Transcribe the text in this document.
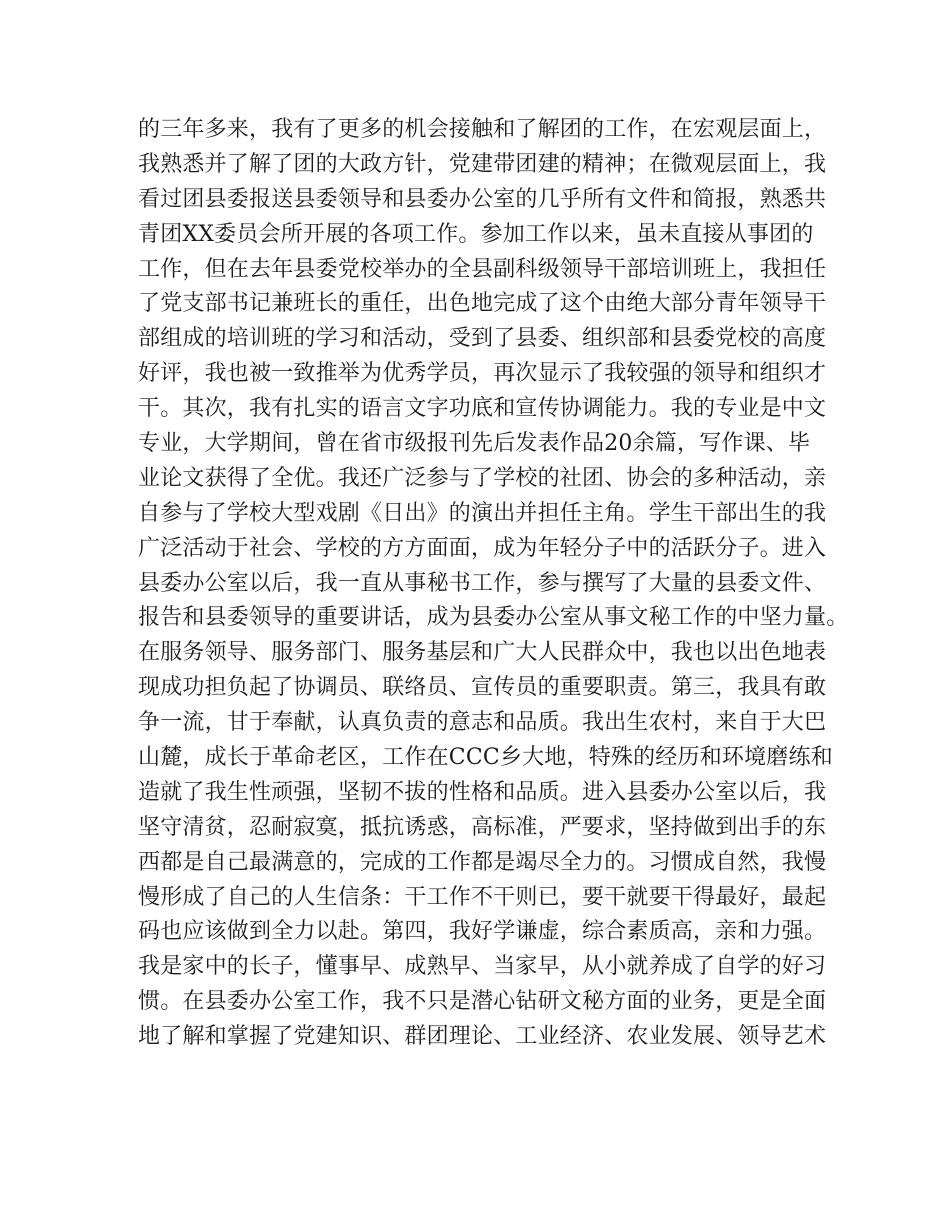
的三年多来，我有了更多的机会接触和了解团的工作，在宏观层面上，
我熟悉并了解了团的大政方针，党建带团建的精神；在微观层面上，我
看过团县委报送县委领导和县委办公室的几乎所有文件和简报，熟悉共
青团XX委员会所开展的各项工作。参加工作以来，虽未直接从事团的
工作，但在去年县委党校举办的全县副科级领导干部培训班上，我担任
了党支部书记兼班长的重任，出色地完成了这个由绝大部分青年领导干
部组成的培训班的学习和活动，受到了县委、组织部和县委党校的高度
好评，我也被一致推举为优秀学员，再次显示了我较强的领导和组织才
干。其次，我有扎实的语言文字功底和宣传协调能力。我的专业是中文
专业，大学期间，曾在省市级报刊先后发表作品20余篇，写作课、毕
业论文获得了全优。我还广泛参与了学校的社团、协会的多种活动，亲
自参与了学校大型戏剧《日出》的演出并担任主角。学生干部出生的我
广泛活动于社会、学校的方方面面，成为年轻分子中的活跃分子。进入
县委办公室以后，我一直从事秘书工作，参与撰写了大量的县委文件、
报告和县委领导的重要讲话，成为县委办公室从事文秘工作的中坚力量。
在服务领导、服务部门、服务基层和广大人民群众中，我也以出色地表
现成功担负起了协调员、联络员、宣传员的重要职责。第三，我具有敢
争一流，甘于奉献，认真负责的意志和品质。我出生农村，来自于大巴
山麓，成长于革命老区，工作在CCC乡大地，特殊的经历和环境磨练和
造就了我生性顽强，坚韧不拔的性格和品质。进入县委办公室以后，我
坚守清贫，忍耐寂寞，抵抗诱惑，高标准，严要求，坚持做到出手的东
西都是自己最满意的，完成的工作都是竭尽全力的。习惯成自然，我慢
慢形成了自己的人生信条：干工作不干则已，要干就要干得最好，最起
码也应该做到全力以赴。第四，我好学谦虚，综合素质高，亲和力强。
我是家中的长子，懂事早、成熟早、当家早，从小就养成了自学的好习
惯。在县委办公室工作，我不只是潜心钻研文秘方面的业务，更是全面
地了解和掌握了党建知识、群团理论、工业经济、农业发展、领导艺术
